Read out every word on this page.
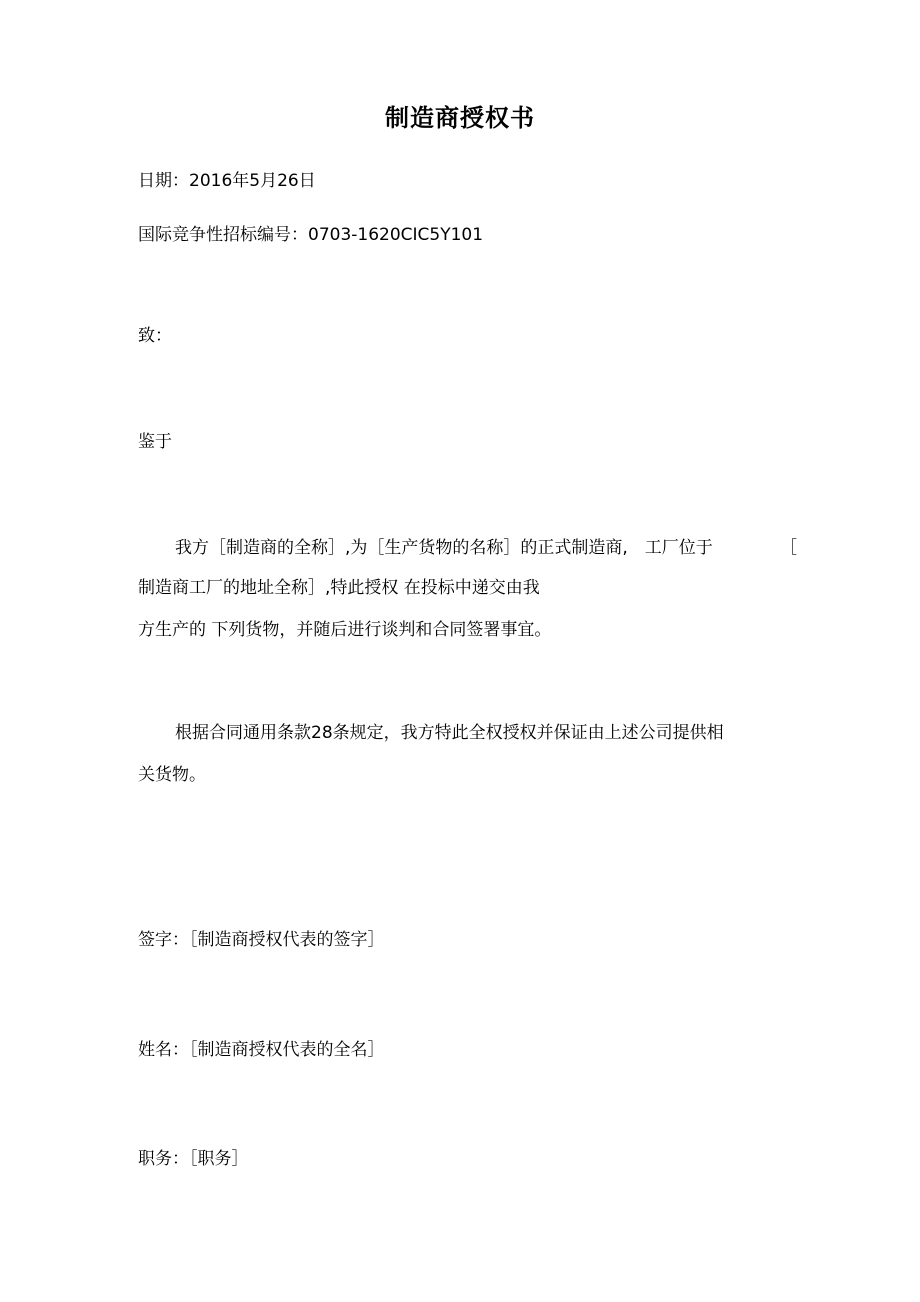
制造商授权书
日期：2016年5月26日
国际竞争性招标编号：0703-1620CIC5Y101
致：
鉴于
我方［制造商的全称］,为［生产货物的名称］的正式制造商,　工厂位于	［
制造商工厂的地址全称］,特此授权 在投标中递交由我
方生产的 下列货物，并随后进行谈判和合同签署事宜。
根据合同通用条款28条规定，我方特此全权授权并保证由上述公司提供相
关货物。
签字：［制造商授权代表的签字］
姓名：［制造商授权代表的全名］
职务：［职务］
